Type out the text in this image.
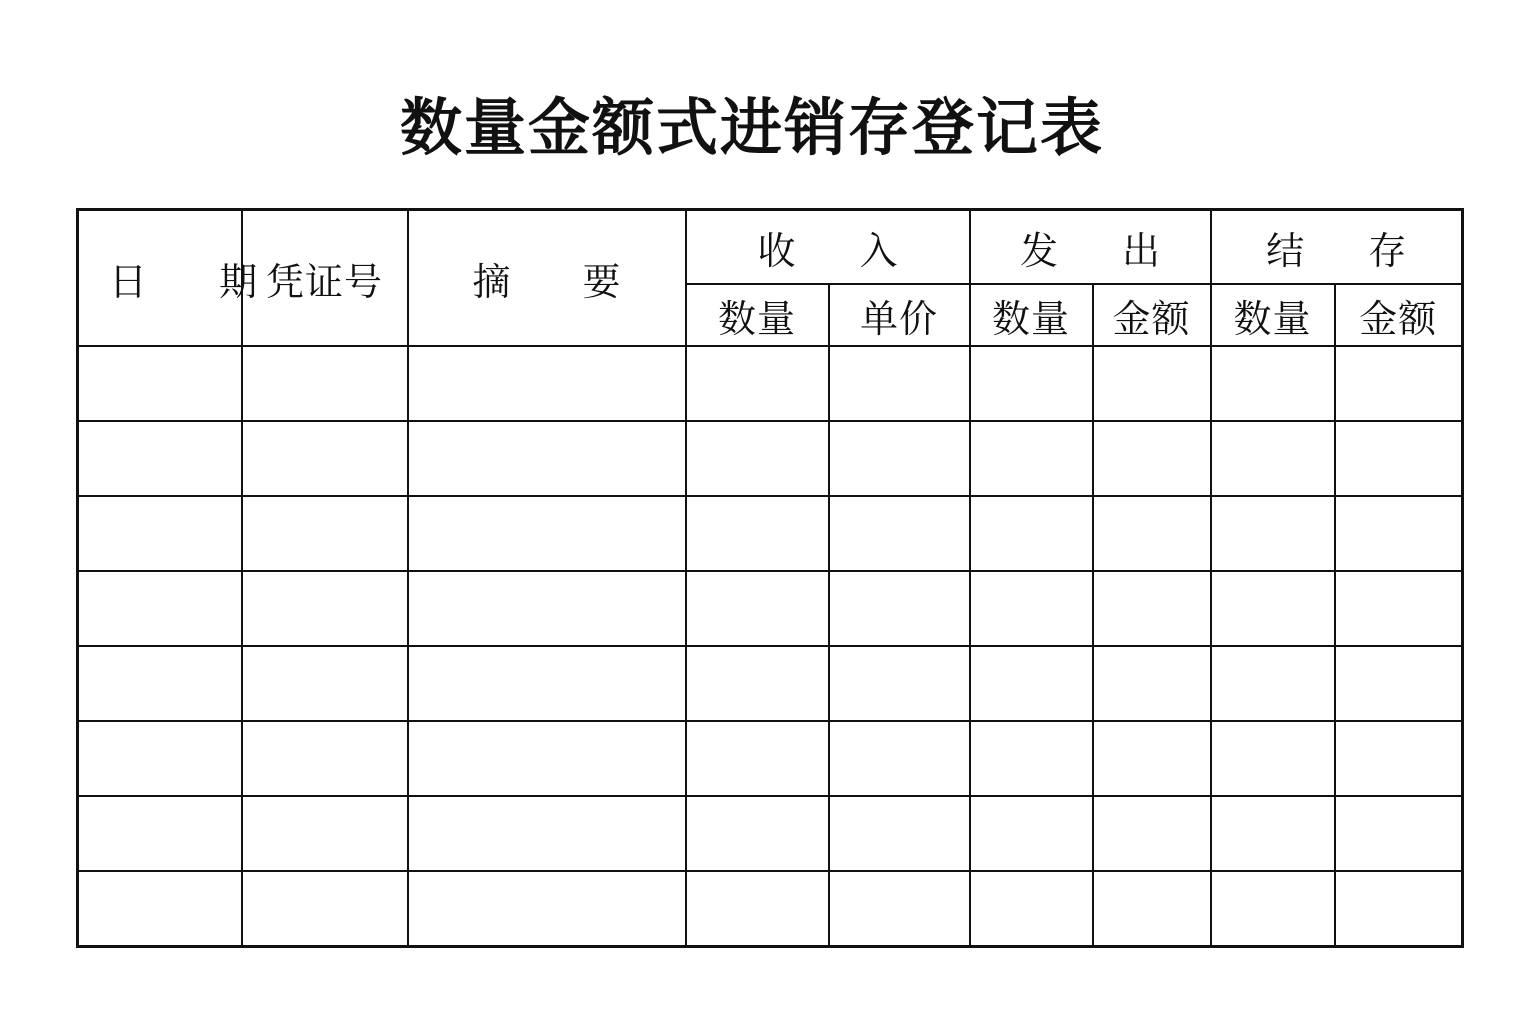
数量金额式进销存登记表
日 期	凭证号	摘 要	收 入		发 出		结 存	
			数量	单价	数量	金额	数量	金额
